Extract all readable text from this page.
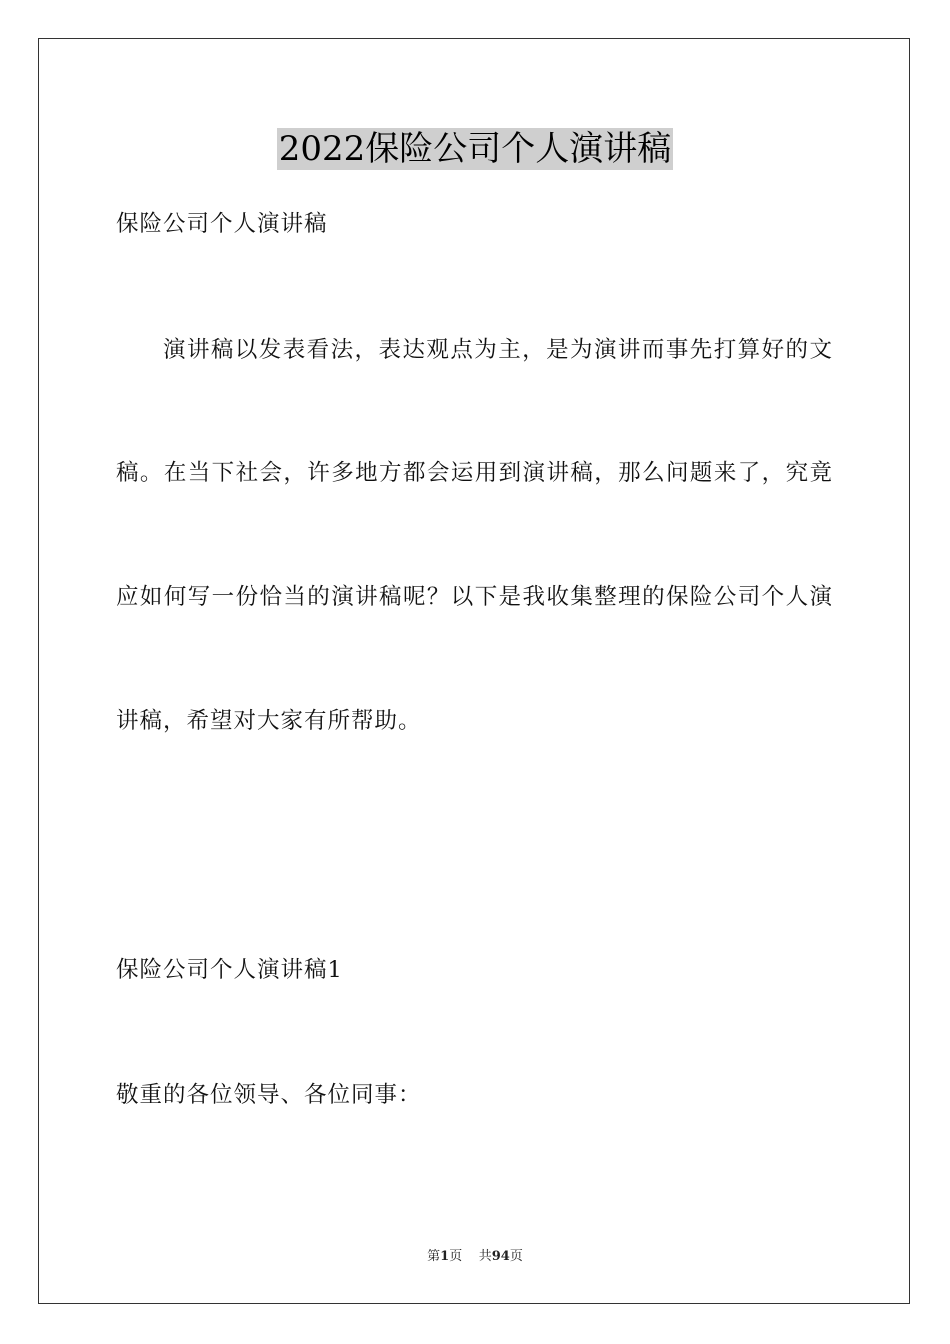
2022保险公司个人演讲稿
保险公司个人演讲稿
演讲稿以发表看法，表达观点为主，是为演讲而事先打算好的文
稿。在当下社会，许多地方都会运用到演讲稿，那么问题来了，究竟
应如何写一份恰当的演讲稿呢？以下是我收集整理的保险公司个人演
讲稿，希望对大家有所帮助。
保险公司个人演讲稿1
敬重的各位领导、各位同事：
第1页 共94页
